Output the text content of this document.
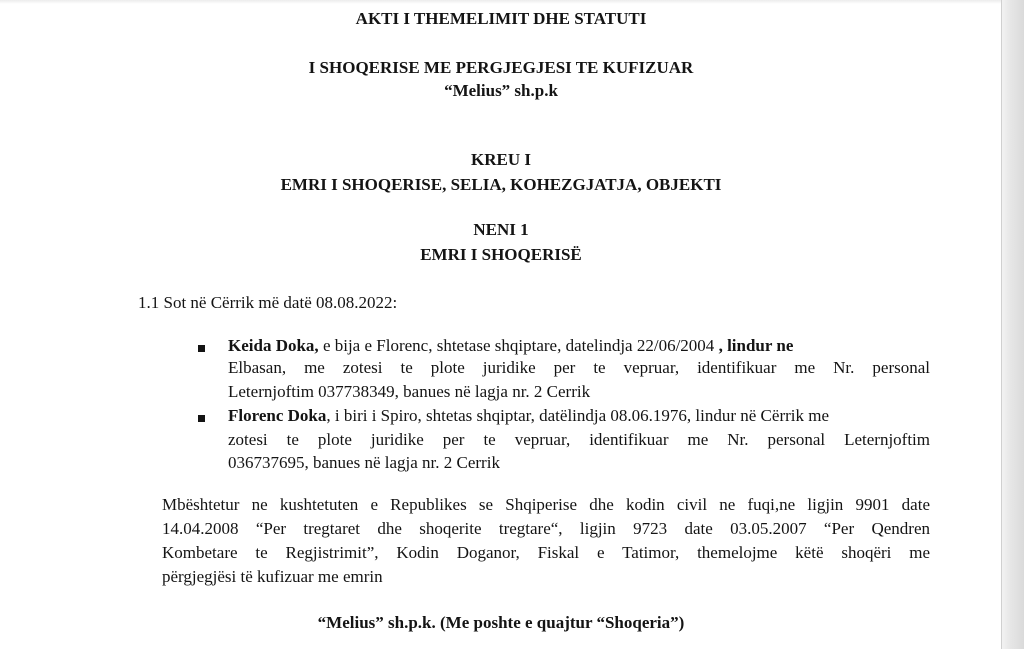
AKTI I THEMELIMIT DHE STATUTI
I SHOQERISE ME PERGJEGJESI TE KUFIZUAR
“Melius” sh.p.k
KREU I
EMRI I SHOQERISE, SELIA, KOHEZGJATJA, OBJEKTI
NENI 1
EMRI I SHOQERISË
1.1 Sot në Cërrik më datë 08.08.2022:
Keida Doka, e bija e Florenc, shtetase shqiptare, datelindja 22/06/2004 , lindur ne
Elbasan, me zotesi te plote juridike per te vepruar, identifikuar me Nr. personal
Leternjoftim 037738349, banues në lagja nr. 2 Cerrik
Florenc Doka, i biri i Spiro, shtetas shqiptar, datëlindja 08.06.1976, lindur në Cërrik me
zotesi te plote juridike per te vepruar, identifikuar me Nr. personal Leternjoftim
036737695, banues në lagja nr. 2 Cerrik
Mbështetur ne kushtetuten e Republikes se Shqiperise dhe kodin civil ne fuqi,ne ligjin 9901 date
14.04.2008 “Per tregtaret dhe shoqerite tregtare“, ligjin 9723 date 03.05.2007 “Per Qendren
Kombetare te Regjistrimit”, Kodin Doganor, Fiskal e Tatimor, themelojme këtë shoqëri me
përgjegjësi të kufizuar me emrin
“Melius” sh.p.k. (Me poshte e quajtur “Shoqeria”)
